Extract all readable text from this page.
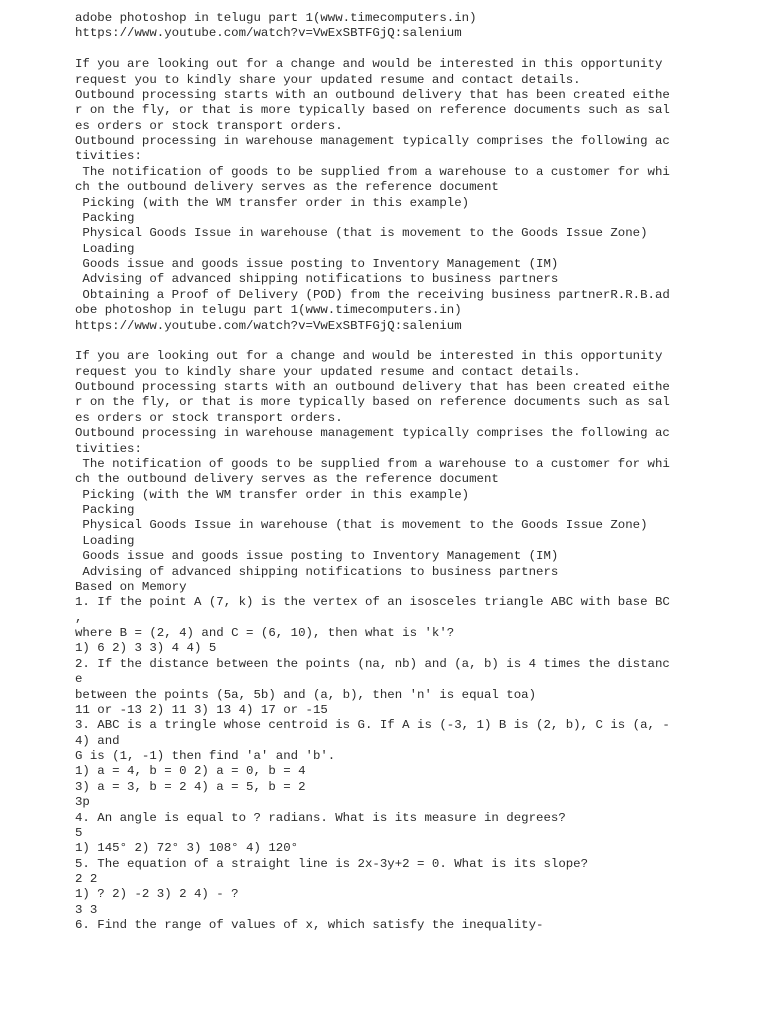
adobe photoshop in telugu part 1(www.timecomputers.in)
https://www.youtube.com/watch?v=VwExSBTFGjQ:salenium
If you are looking out for a change and would be interested in this opportunity
request you to kindly share your updated resume and contact details.
Outbound processing starts with an outbound delivery that has been created eithe
r on the fly, or that is more typically based on reference documents such as sal
es orders or stock transport orders.
Outbound processing in warehouse management typically comprises the following ac
tivities:
The notification of goods to be supplied from a warehouse to a customer for whi
ch the outbound delivery serves as the reference document
Picking (with the WM transfer order in this example)
Packing
Physical Goods Issue in warehouse (that is movement to the Goods Issue Zone)
Loading
Goods issue and goods issue posting to Inventory Management (IM)
Advising of advanced shipping notifications to business partners
Obtaining a Proof of Delivery (POD) from the receiving business partnerR.R.B.ad
obe photoshop in telugu part 1(www.timecomputers.in)
https://www.youtube.com/watch?v=VwExSBTFGjQ:salenium
If you are looking out for a change and would be interested in this opportunity
request you to kindly share your updated resume and contact details.
Outbound processing starts with an outbound delivery that has been created eithe
r on the fly, or that is more typically based on reference documents such as sal
es orders or stock transport orders.
Outbound processing in warehouse management typically comprises the following ac
tivities:
The notification of goods to be supplied from a warehouse to a customer for whi
ch the outbound delivery serves as the reference document
Picking (with the WM transfer order in this example)
Packing
Physical Goods Issue in warehouse (that is movement to the Goods Issue Zone)
Loading
Goods issue and goods issue posting to Inventory Management (IM)
Advising of advanced shipping notifications to business partners
Based on Memory
1. If the point A (7, k) is the vertex of an isosceles triangle ABC with base BC
,
where B = (2, 4) and C = (6, 10), then what is 'k'?
1) 6 2) 3 3) 4 4) 5
2. If the distance between the points (na, nb) and (a, b) is 4 times the distanc
e
between the points (5a, 5b) and (a, b), then 'n' is equal toa)
11 or -13 2) 11 3) 13 4) 17 or -15
3. ABC is a tringle whose centroid is G. If A is (-3, 1) B is (2, b), C is (a, -
4) and
G is (1, -1) then find 'a' and 'b'.
1) a = 4, b = 0 2) a = 0, b = 4
3) a = 3, b = 2 4) a = 5, b = 2
3p
4. An angle is equal to ? radians. What is its measure in degrees?
5
1) 145° 2) 72° 3) 108° 4) 120°
5. The equation of a straight line is 2x-3y+2 = 0. What is its slope?
2 2
1) ? 2) -2 3) 2 4) - ?
3 3
6. Find the range of values of x, which satisfy the inequality-
